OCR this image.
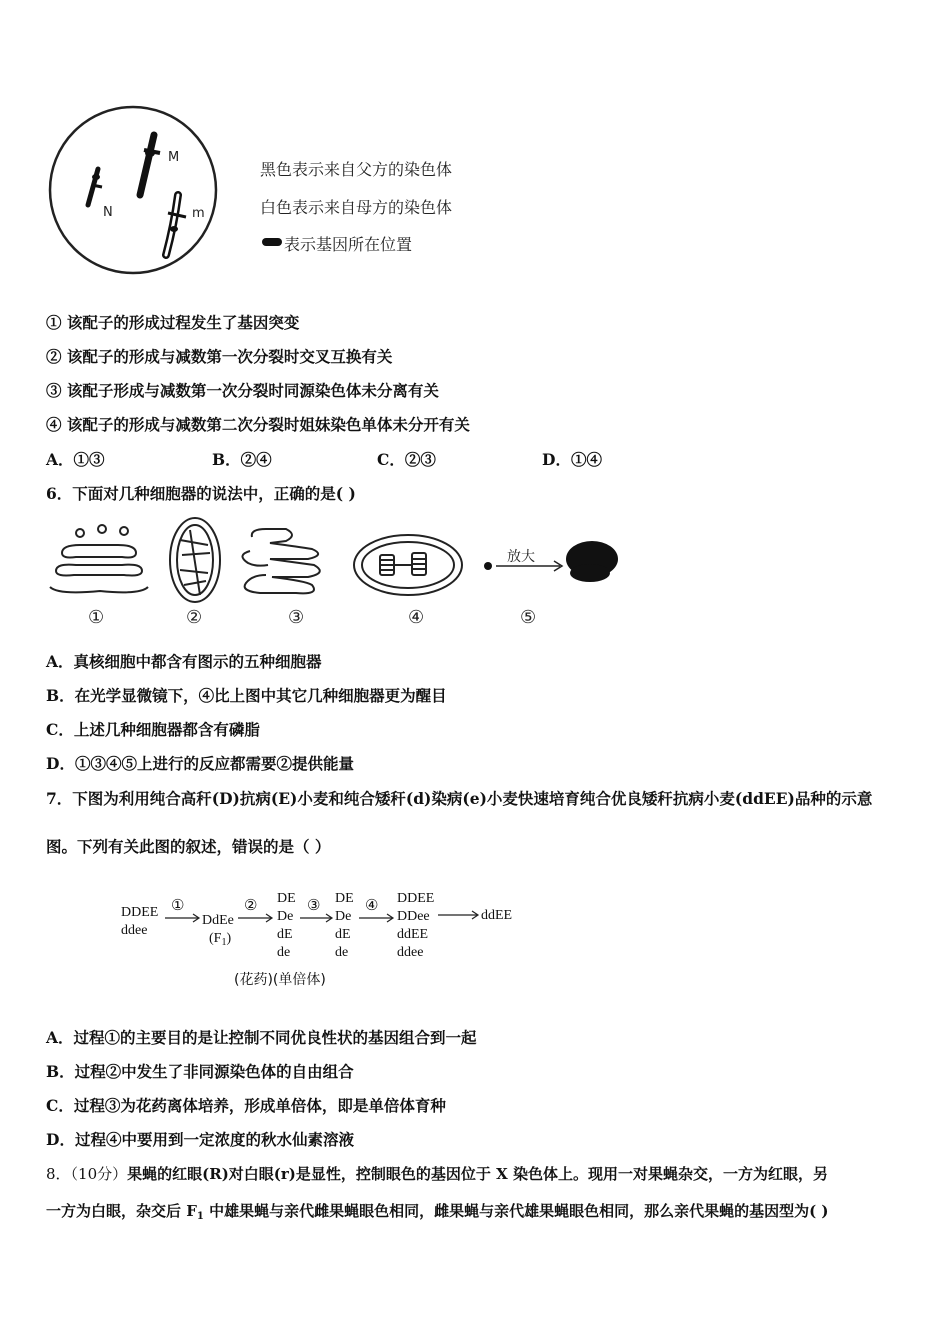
M
N	m
黑色表示来自父方的染色体
白色表示来自母方的染色体
表示基因所在位置
① 该配子的形成过程发生了基因突变
② 该配子的形成与减数第一次分裂时交叉互换有关
③ 该配子形成与减数第一次分裂时同源染色体未分离有关
④ 该配子的形成与减数第二次分裂时姐妹染色单体未分开有关
A．①③	B．②④	C．②③	D．①④
6．下面对几种细胞器的说法中，正确的是( )
①	②	③	④
放大
⑤
A．真核细胞中都含有图示的五种细胞器
B．在光学显微镜下，④比上图中其它几种细胞器更为醒目
C．上述几种细胞器都含有磷脂
D．①③④⑤上进行的反应都需要②提供能量
7．下图为利用纯合高秆(D)抗病(E)小麦和纯合矮秆(d)染病(e)小麦快速培育纯合优良矮秆抗病小麦(ddEE)品种的示意
图。下列有关此图的叙述，错误的是（ ）
DDEE
ddee
①
DdEe
$(F_1)$
② DE
De
dE
de
③ DE
De
dE
de
④ DDEE
DDee
ddEE
ddee
ddEE
(花药)(单倍体)
A．过程①的主要目的是让控制不同优良性状的基因组合到一起
B．过程②中发生了非同源染色体的自由组合
C．过程③为花药离体培养，形成单倍体，即是单倍体育种
D．过程④中要用到一定浓度的秋水仙素溶液
8．（10分）果蝇的红眼(R)对白眼(r)是显性，控制眼色的基因位于 X 染色体上。现用一对果蝇杂交，一方为红眼，另
一方为白眼，杂交后 $F_1$ 中雄果蝇与亲代雌果蝇眼色相同，雌果蝇与亲代雄果蝇眼色相同，那么亲代果蝇的基因型为( )
